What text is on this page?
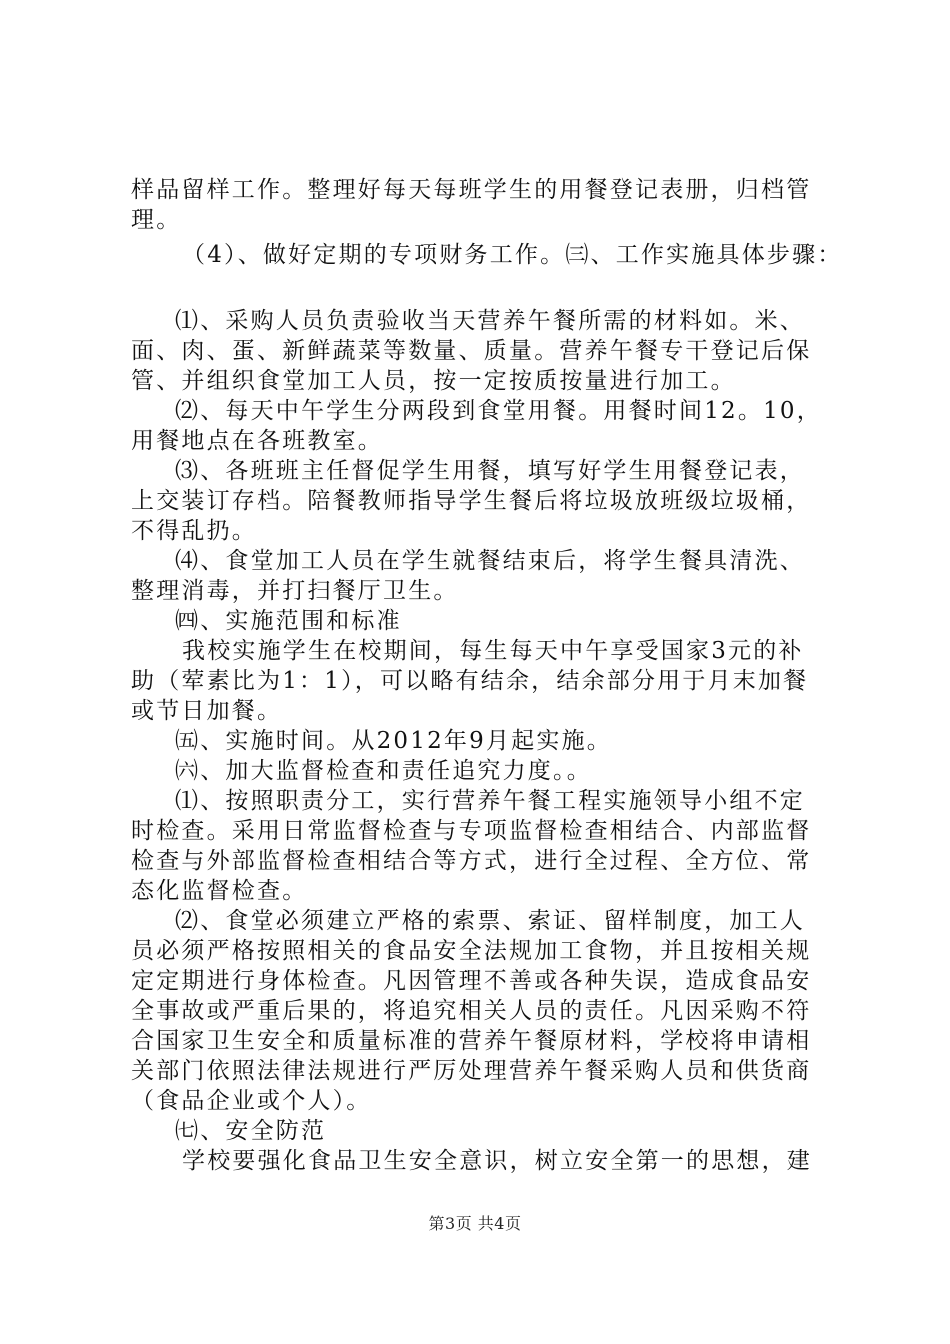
样品留样工作。整理好每天每班学生的用餐登记表册，归档管
理。
（4）、做好定期的专项财务工作。㈢、工作实施具体步骤：
⑴、采购人员负责验收当天营养午餐所需的材料如。米、
面、肉、蛋、新鲜蔬菜等数量、质量。营养午餐专干登记后保
管、并组织食堂加工人员，按一定按质按量进行加工。
⑵、每天中午学生分两段到食堂用餐。用餐时间12。10，
用餐地点在各班教室。
⑶、各班班主任督促学生用餐，填写好学生用餐登记表，
上交装订存档。陪餐教师指导学生餐后将垃圾放班级垃圾桶，
不得乱扔。
⑷、食堂加工人员在学生就餐结束后，将学生餐具清洗、
整理消毒，并打扫餐厅卫生。
㈣、实施范围和标准
我校实施学生在校期间，每生每天中午享受国家3元的补
助（荤素比为1：1），可以略有结余，结余部分用于月末加餐
或节日加餐。
㈤、实施时间。从2012年9月起实施。
㈥、加大监督检查和责任追究力度。。
⑴、按照职责分工，实行营养午餐工程实施领导小组不定
时检查。采用日常监督检查与专项监督检查相结合、内部监督
检查与外部监督检查相结合等方式，进行全过程、全方位、常
态化监督检查。
⑵、食堂必须建立严格的索票、索证、留样制度，加工人
员必须严格按照相关的食品安全法规加工食物，并且按相关规
定定期进行身体检查。凡因管理不善或各种失误，造成食品安
全事故或严重后果的，将追究相关人员的责任。凡因采购不符
合国家卫生安全和质量标准的营养午餐原材料，学校将申请相
关部门依照法律法规进行严厉处理营养午餐采购人员和供货商
（食品企业或个人）。
㈦、安全防范
学校要强化食品卫生安全意识，树立安全第一的思想，建
第3页 共4页
